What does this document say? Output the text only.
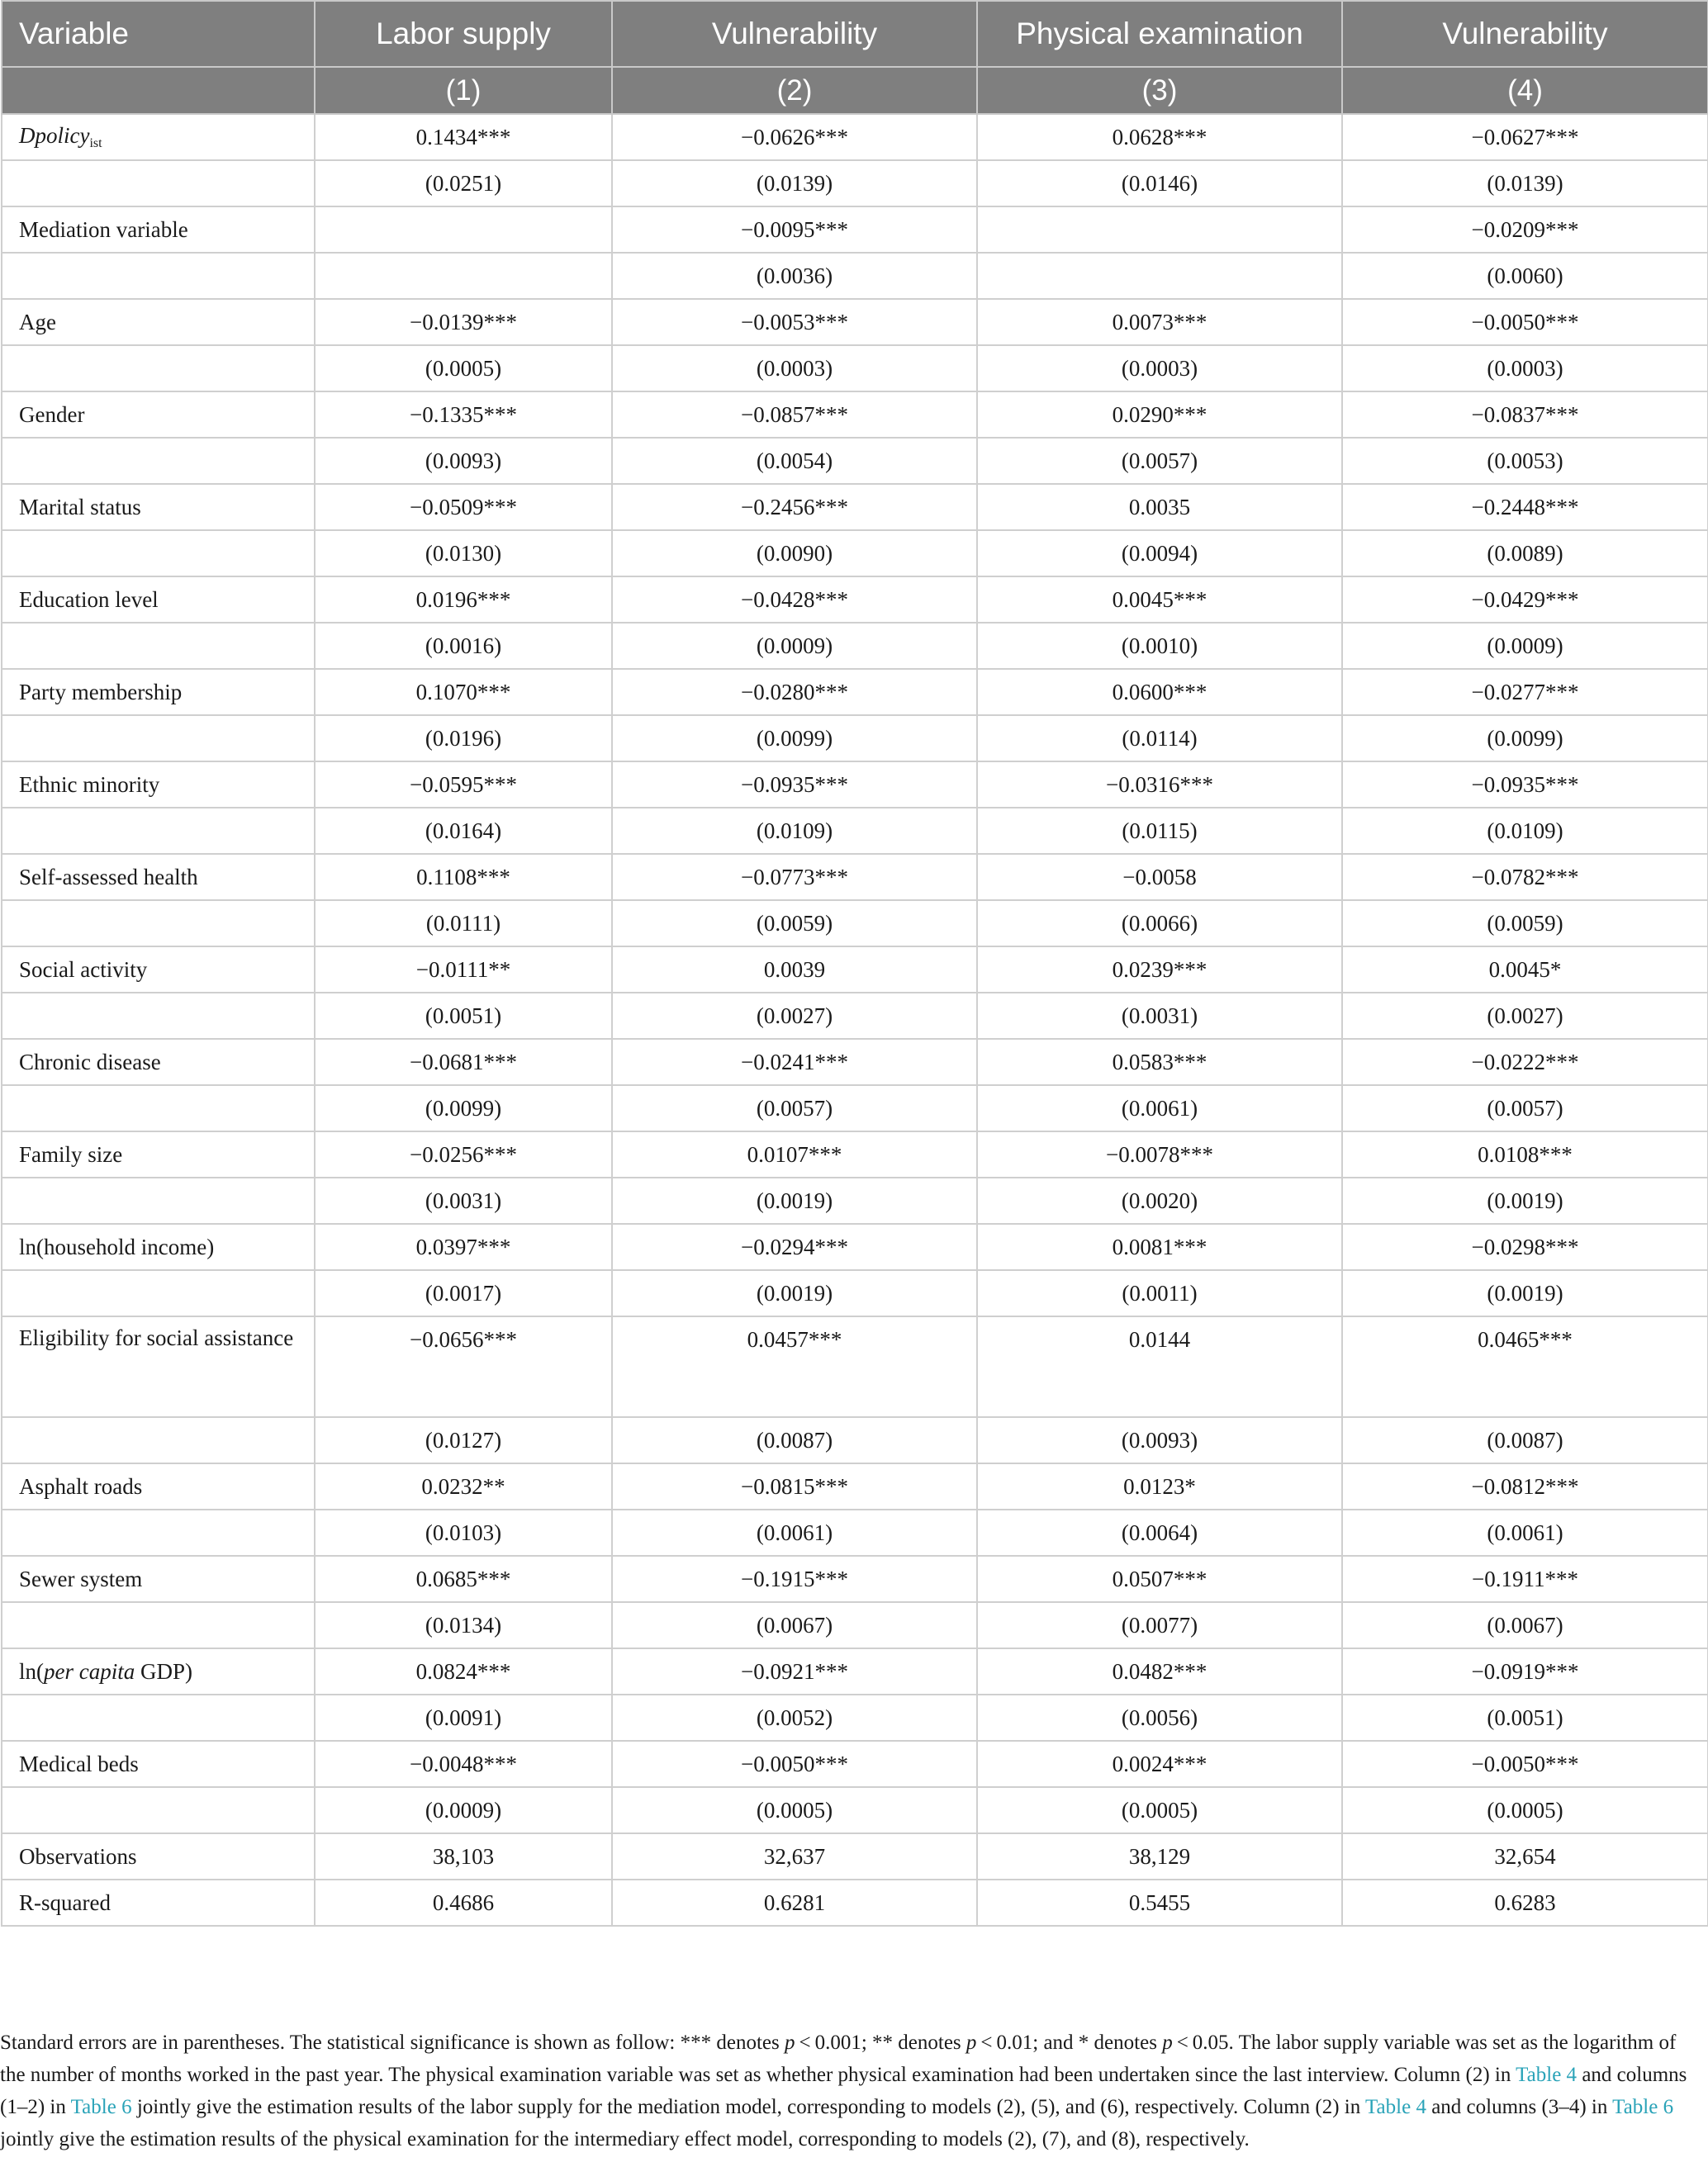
Variable	Labor supply	Vulnerability	Physical examination	Vulnerability
	(1)	(2)	(3)	(4)
Dpolicy$_{ist}$	0.1434***	−0.0626***	0.0628***	−0.0627***
	(0.0251)	(0.0139)	(0.0146)	(0.0139)
Mediation variable		−0.0095***		−0.0209***
		(0.0036)		(0.0060)
Age	−0.0139***	−0.0053***	0.0073***	−0.0050***
	(0.0005)	(0.0003)	(0.0003)	(0.0003)
Gender	−0.1335***	−0.0857***	0.0290***	−0.0837***
	(0.0093)	(0.0054)	(0.0057)	(0.0053)
Marital status	−0.0509***	−0.2456***	0.0035	−0.2448***
	(0.0130)	(0.0090)	(0.0094)	(0.0089)
Education level	0.0196***	−0.0428***	0.0045***	−0.0429***
	(0.0016)	(0.0009)	(0.0010)	(0.0009)
Party membership	0.1070***	−0.0280***	0.0600***	−0.0277***
	(0.0196)	(0.0099)	(0.0114)	(0.0099)
Ethnic minority	−0.0595***	−0.0935***	−0.0316***	−0.0935***
	(0.0164)	(0.0109)	(0.0115)	(0.0109)
Self-assessed health	0.1108***	−0.0773***	−0.0058	−0.0782***
	(0.0111)	(0.0059)	(0.0066)	(0.0059)
Social activity	−0.0111**	0.0039	0.0239***	0.0045*
	(0.0051)	(0.0027)	(0.0031)	(0.0027)
Chronic disease	−0.0681***	−0.0241***	0.0583***	−0.0222***
	(0.0099)	(0.0057)	(0.0061)	(0.0057)
Family size	−0.0256***	0.0107***	−0.0078***	0.0108***
	(0.0031)	(0.0019)	(0.0020)	(0.0019)
ln(household income)	0.0397***	−0.0294***	0.0081***	−0.0298***
	(0.0017)	(0.0019)	(0.0011)	(0.0019)
Eligibility for social assistance	−0.0656***	0.0457***	0.0144	0.0465***
	(0.0127)	(0.0087)	(0.0093)	(0.0087)
Asphalt roads	0.0232**	−0.0815***	0.0123*	−0.0812***
	(0.0103)	(0.0061)	(0.0064)	(0.0061)
Sewer system	0.0685***	−0.1915***	0.0507***	−0.1911***
	(0.0134)	(0.0067)	(0.0077)	(0.0067)
ln(per capita GDP)	0.0824***	−0.0921***	0.0482***	−0.0919***
	(0.0091)	(0.0052)	(0.0056)	(0.0051)
Medical beds	−0.0048***	−0.0050***	0.0024***	−0.0050***
	(0.0009)	(0.0005)	(0.0005)	(0.0005)
Observations	38,103	32,637	38,129	32,654
R-squared	0.4686	0.6281	0.5455	0.6283
Standard errors are in parentheses. The statistical significance is shown as follow: *** denotes p < 0.001; ** denotes p < 0.01; and * denotes p < 0.05. The labor supply variable was set as the logarithm of the number of months worked in the past year. The physical examination variable was set as whether physical examination had been undertaken since the last interview. Column (2) in Table 4 and columns (1–2) in Table 6 jointly give the estimation results of the labor supply for the mediation model, corresponding to models (2), (5), and (6), respectively. Column (2) in Table 4 and columns (3–4) in Table 6 jointly give the estimation results of the physical examination for the intermediary effect model, corresponding to models (2), (7), and (8), respectively.
